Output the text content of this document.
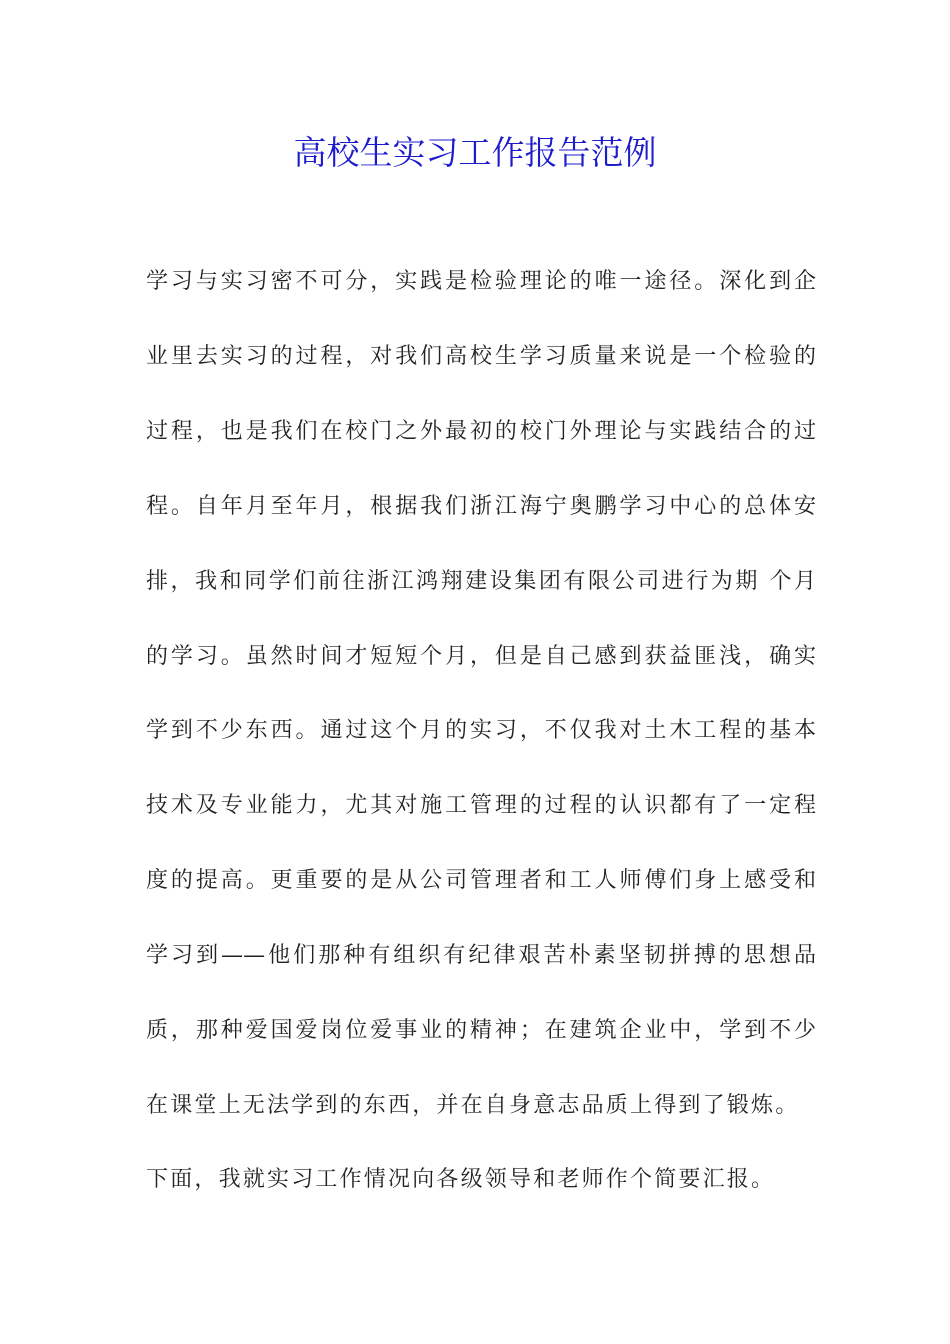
高校生实习工作报告范例
学习与实习密不可分，实践是检验理论的唯一途径。深化到企
业里去实习的过程，对我们高校生学习质量来说是一个检验的
过程，也是我们在校门之外最初的校门外理论与实践结合的过
程。自年月至年月，根据我们浙江海宁奥鹏学习中心的总体安
排，我和同学们前往浙江鸿翔建设集团有限公司进行为期 个月
的学习。虽然时间才短短个月，但是自己感到获益匪浅，确实
学到不少东西。通过这个月的实习，不仅我对土木工程的基本
技术及专业能力，尤其对施工管理的过程的认识都有了一定程
度的提高。更重要的是从公司管理者和工人师傅们身上感受和
学习到——他们那种有组织有纪律艰苦朴素坚韧拼搏的思想品
质，那种爱国爱岗位爱事业的精神；在建筑企业中，学到不少
在课堂上无法学到的东西，并在自身意志品质上得到了锻炼。
下面，我就实习工作情况向各级领导和老师作个简要汇报。
